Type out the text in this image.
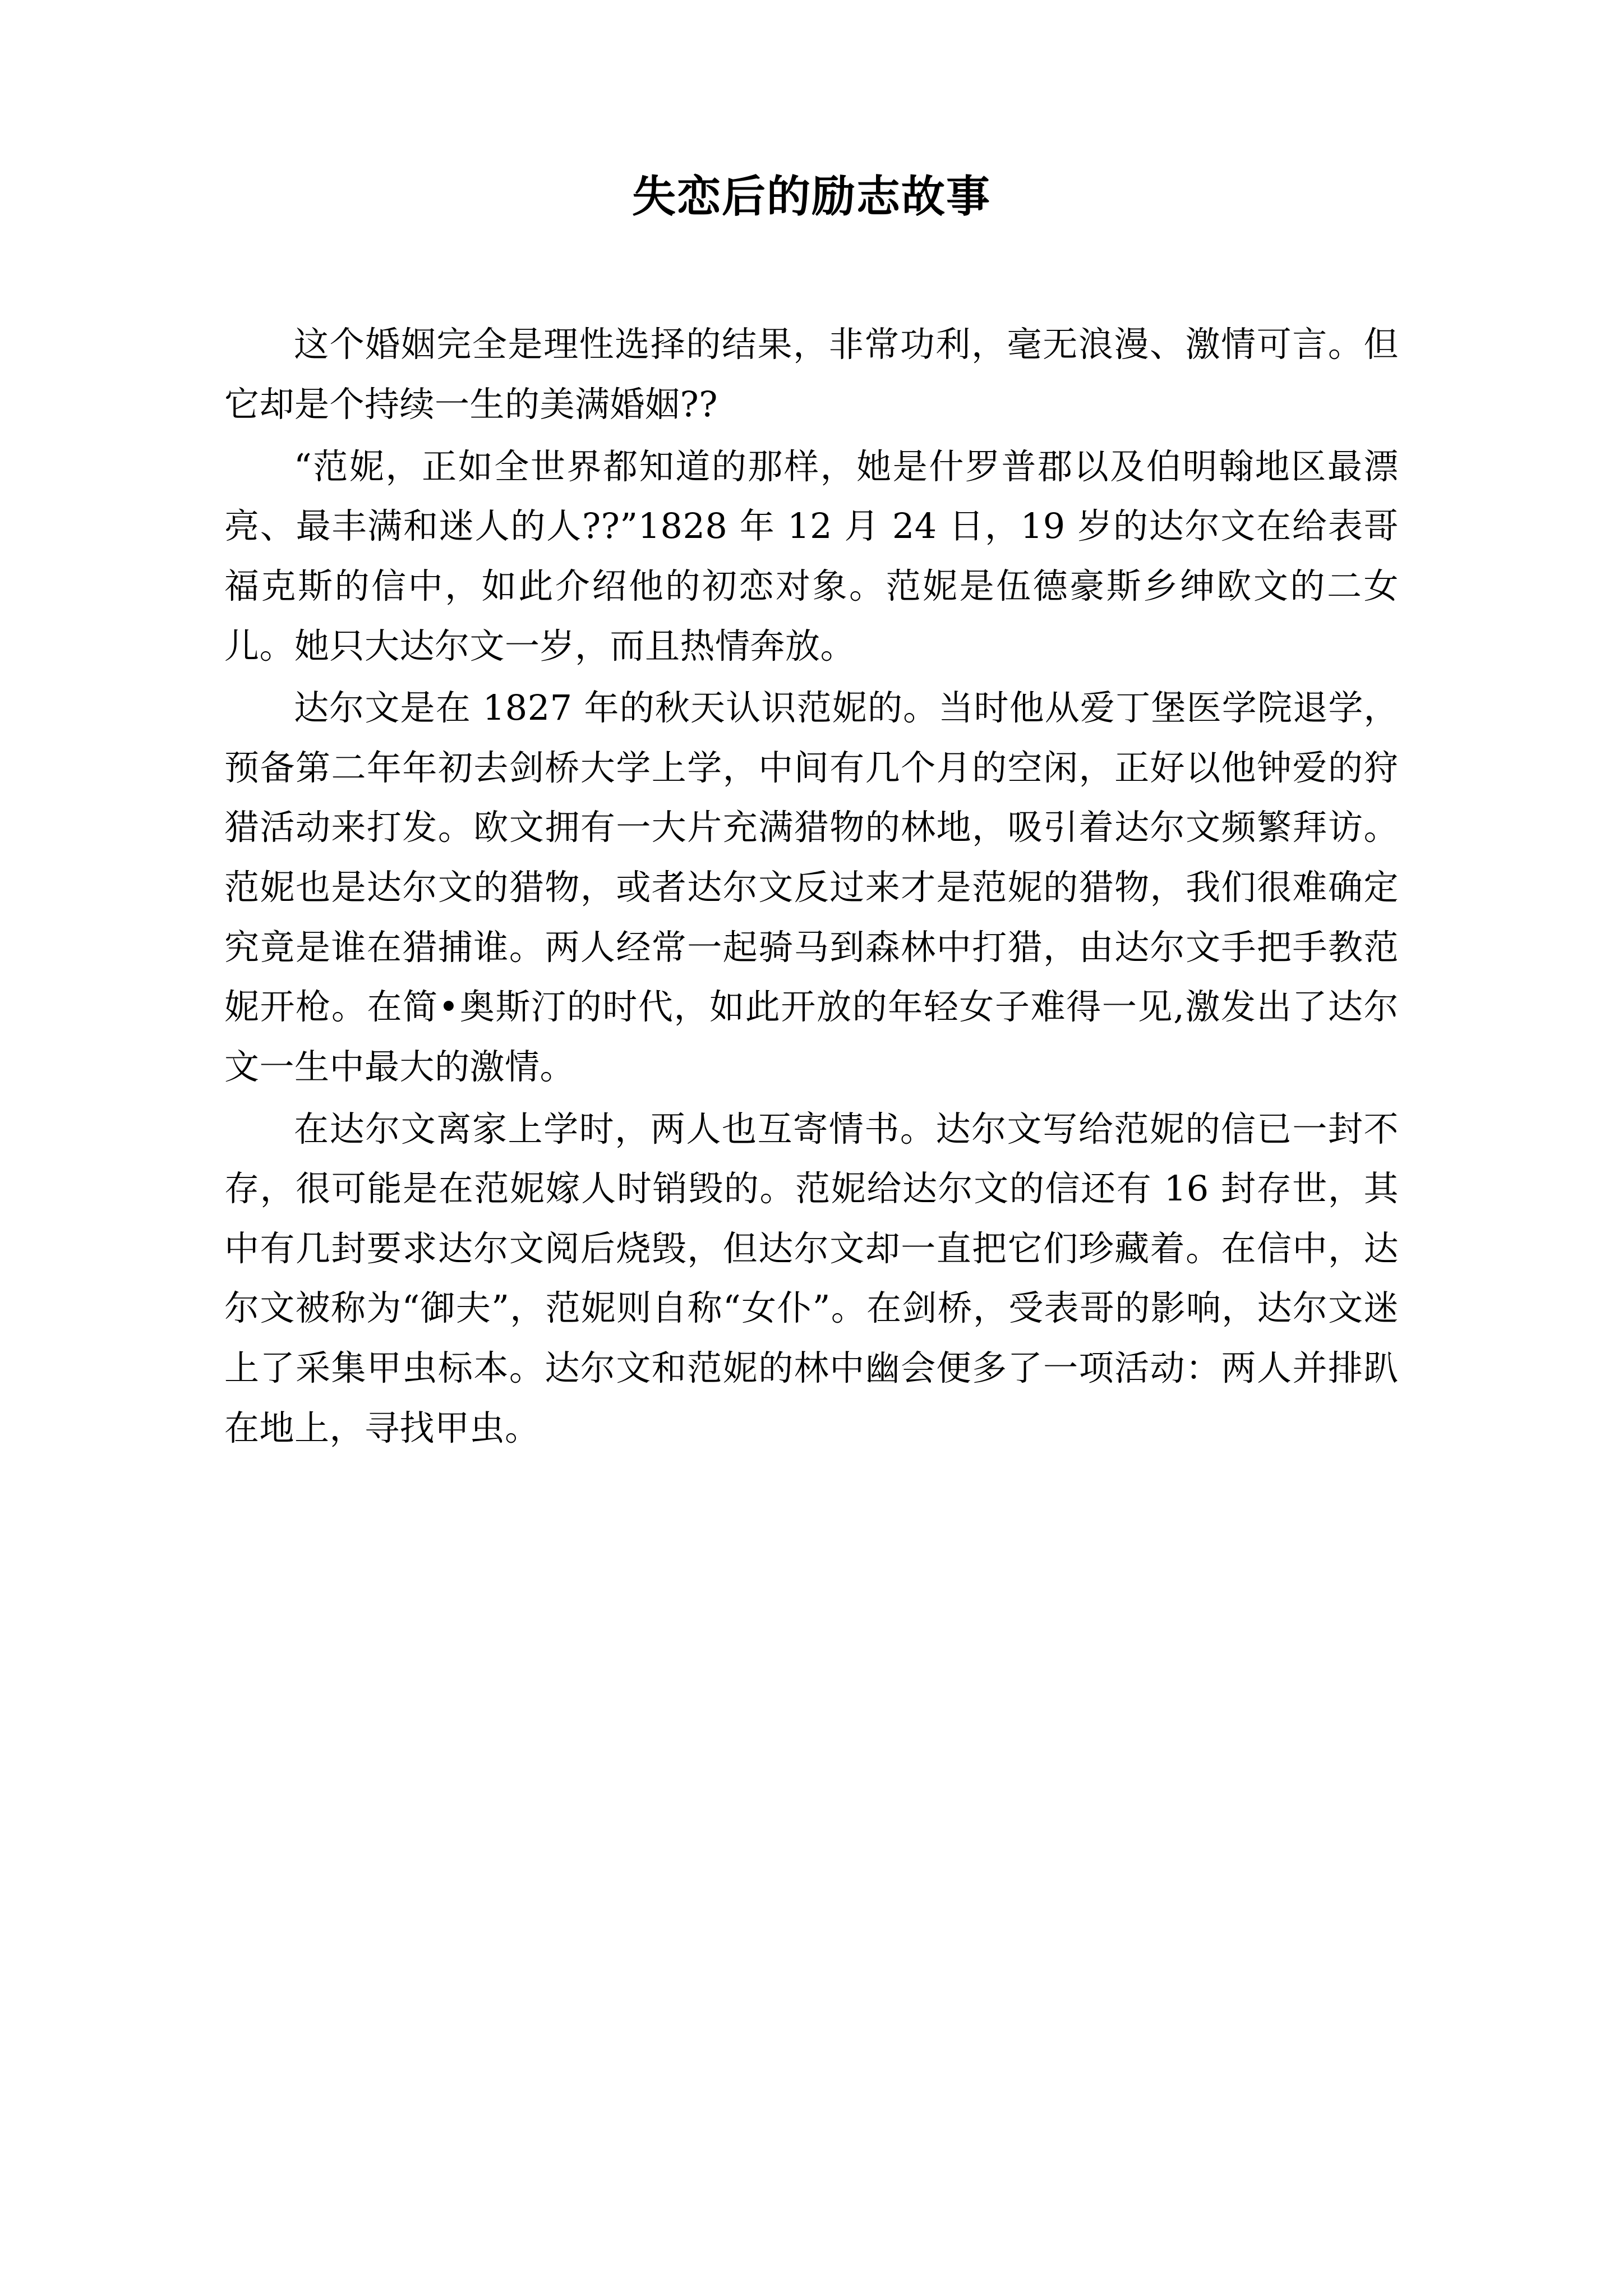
失恋后的励志故事

这个婚姻完全是理性选择的结果，非常功利，毫无浪漫、激情可言。但它却是个持续一生的美满婚姻??

“范妮，正如全世界都知道的那样，她是什罗普郡以及伯明翰地区最漂亮、最丰满和迷人的人??”1828 年 12 月 24 日，19 岁的达尔文在给表哥福克斯的信中，如此介绍他的初恋对象。范妮是伍德豪斯乡绅欧文的二女儿。她只大达尔文一岁，而且热情奔放。

达尔文是在 1827 年的秋天认识范妮的。当时他从爱丁堡医学院退学，预备第二年年初去剑桥大学上学，中间有几个月的空闲，正好以他钟爱的狩猎活动来打发。欧文拥有一大片充满猎物的林地，吸引着达尔文频繁拜访。范妮也是达尔文的猎物，或者达尔文反过来才是范妮的猎物，我们很难确定究竟是谁在猎捕谁。两人经常一起骑马到森林中打猎，由达尔文手把手教范妮开枪。在简•奥斯汀的时代，如此开放的年轻女子难得一见,激发出了达尔文一生中最大的激情。

在达尔文离家上学时，两人也互寄情书。达尔文写给范妮的信已一封不存，很可能是在范妮嫁人时销毁的。范妮给达尔文的信还有 16 封存世，其中有几封要求达尔文阅后烧毁，但达尔文却一直把它们珍藏着。在信中，达尔文被称为“御夫”，范妮则自称“女仆”。在剑桥，受表哥的影响，达尔文迷上了采集甲虫标本。达尔文和范妮的林中幽会便多了一项活动：两人并排趴在地上，寻找甲虫。
